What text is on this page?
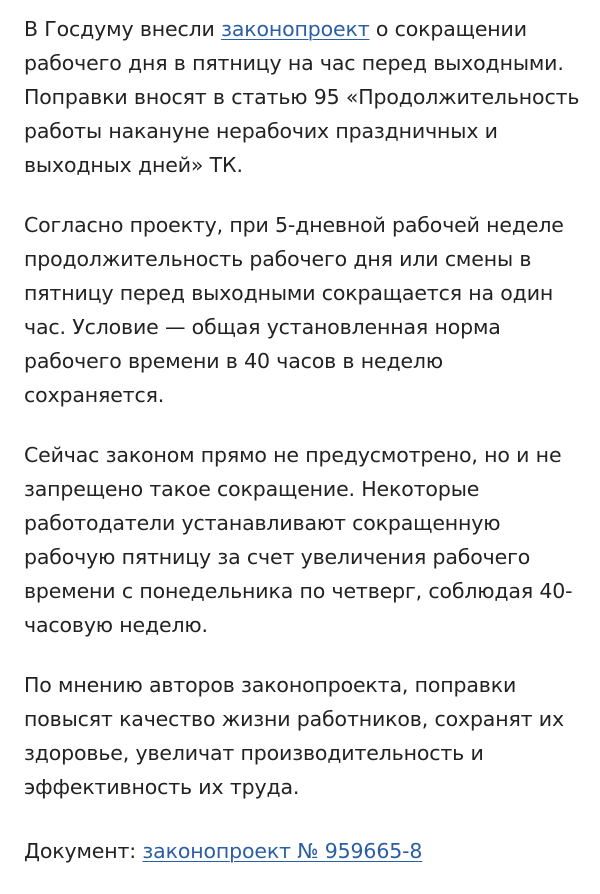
В Госдуму внесли законопроект о сокращении рабочего дня в пятницу на час перед выходными. Поправки вносят в статью 95 «Продолжительность работы накануне нерабочих праздничных и выходных дней» ТК.

Согласно проекту, при 5-дневной рабочей неделе продолжительность рабочего дня или смены в пятницу перед выходными сокращается на один час. Условие — общая установленная норма рабочего времени в 40 часов в неделю сохраняется.

Сейчас законом прямо не предусмотрено, но и не запрещено такое сокращение. Некоторые работодатели устанавливают сокращенную рабочую пятницу за счет увеличения рабочего времени с понедельника по четверг, соблюдая 40-часовую неделю.

По мнению авторов законопроекта, поправки повысят качество жизни работников, сохранят их здоровье, увеличат производительность и эффективность их труда.

Документ: законопроект № 959665-8
